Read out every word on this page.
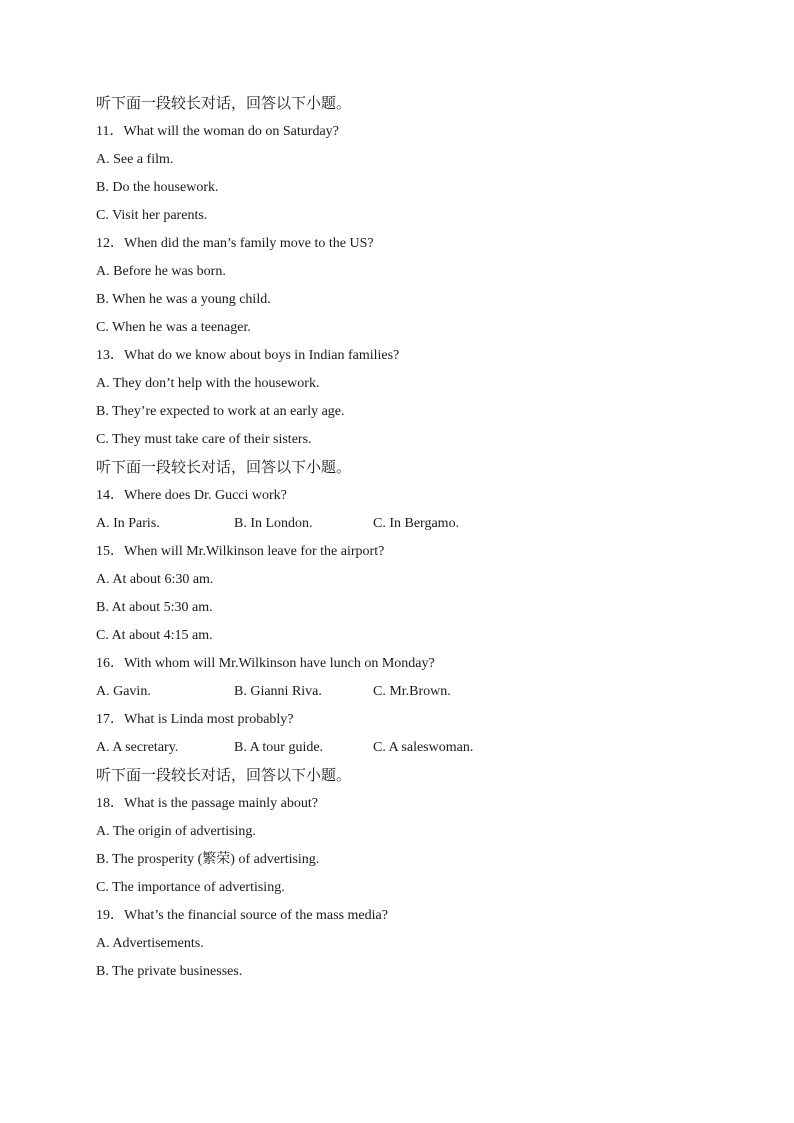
听下面一段较长对话，回答以下小题。
11．What will the woman do on Saturday?
A. See a film.
B. Do the housework.
C. Visit her parents.
12．When did the man’s family move to the US?
A. Before he was born.
B. When he was a young child.
C. When he was a teenager.
13．What do we know about boys in Indian families?
A. They don’t help with the housework.
B. They’re expected to work at an early age.
C. They must take care of their sisters.
听下面一段较长对话，回答以下小题。
14．Where does Dr. Gucci work?
A. In Paris.	B. In London.	C. In Bergamo.
15．When will Mr.Wilkinson leave for the airport?
A. At about 6:30 am.
B. At about 5:30 am.
C. At about 4:15 am.
16．With whom will Mr.Wilkinson have lunch on Monday?
A. Gavin.	B. Gianni Riva.	C. Mr.Brown.
17．What is Linda most probably?
A. A secretary.	B. A tour guide.	C. A saleswoman.
听下面一段较长对话，回答以下小题。
18．What is the passage mainly about?
A. The origin of advertising.
B. The prosperity (繁荣) of advertising.
C. The importance of advertising.
19．What’s the financial source of the mass media?
A. Advertisements.
B. The private businesses.
